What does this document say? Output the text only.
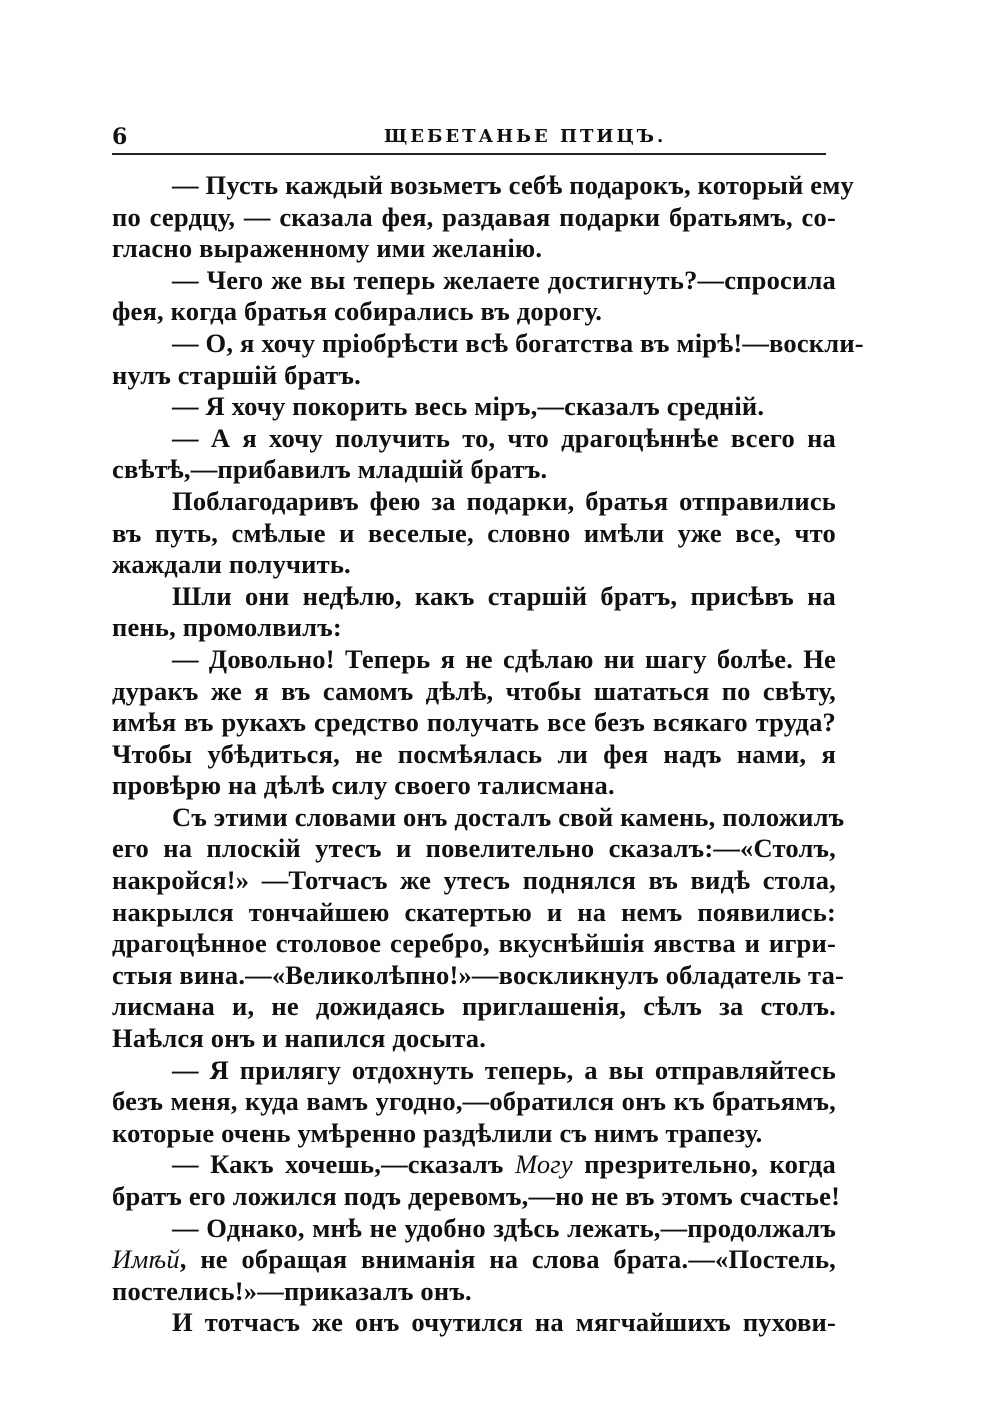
6	ЩЕБЕТАНЬЕ ПТИЦЪ.
— Пусть каждый возьметъ себѣ подарокъ, который ему
по сердцу, — сказала фея, раздавая подарки братьямъ, со-
гласно выраженному ими желанію.
— Чего же вы теперь желаете достигнуть?—спросила
фея, когда братья собирались въ дорогу.
— О, я хочу пріобрѣсти всѣ богатства въ мірѣ!—воскли-
нулъ старшій братъ.
— Я хочу покорить весь міръ,—сказалъ средній.
— А я хочу получить то, что драгоцѣннѣе всего на
свѣтѣ,—прибавилъ младшій братъ.
Поблагодаривъ фею за подарки, братья отправились
въ путь, смѣлые и веселые, словно имѣли уже все, что
жаждали получить.
Шли они недѣлю, какъ старшій братъ, присѣвъ на
пень, промолвилъ:
— Довольно! Теперь я не сдѣлаю ни шагу болѣе. Не
дуракъ же я въ самомъ дѣлѣ, чтобы шататься по свѣту,
имѣя въ рукахъ средство получать все безъ всякаго труда?
Чтобы убѣдиться, не посмѣялась ли фея надъ нами, я
провѣрю на дѣлѣ силу своего талисмана.
Съ этими словами онъ досталъ свой камень, положилъ
его на плоскій утесъ и повелительно сказалъ:—«Столъ,
накройся!» —Тотчасъ же утесъ поднялся въ видѣ стола,
накрылся тончайшею скатертью и на немъ появились:
драгоцѣнное столовое серебро, вкуснѣйшія явства и игри-
стыя вина.—«Великолѣпно!»—воскликнулъ обладатель та-
лисмана и, не дожидаясь приглашенія, сѣлъ за столъ.
Наѣлся онъ и напился досыта.
— Я прилягу отдохнуть теперь, а вы отправляйтесь
безъ меня, куда вамъ угодно,—обратился онъ къ братьямъ,
которые очень умѣренно раздѣлили съ нимъ трапезу.
— Какъ хочешь,—сказалъ Могу презрительно, когда
братъ его ложился подъ деревомъ,—но не въ этомъ счастье!
— Однако, мнѣ не удобно здѣсь лежать,—продолжалъ
Имѣй, не обращая вниманія на слова брата.—«Постель,
постелись!»—приказалъ онъ.
И тотчасъ же онъ очутился на мягчайшихъ пухови-
